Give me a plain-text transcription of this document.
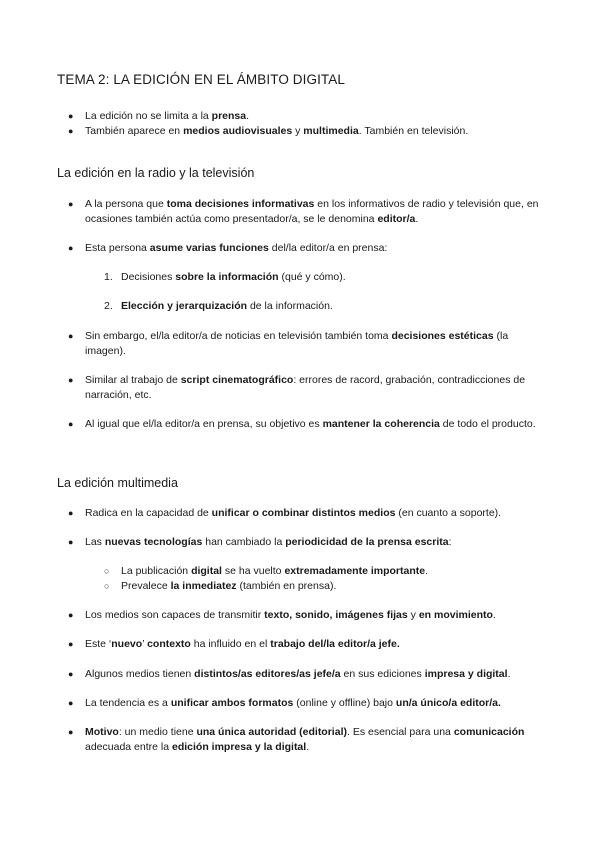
TEMA 2: LA EDICIÓN EN EL ÁMBITO DIGITAL
● La edición no se limita a la prensa.
● También aparece en medios audiovisuales y multimedia. También en televisión.
La edición en la radio y la televisión
● A la persona que toma decisiones informativas en los informativos de radio y televisión que, en ocasiones también actúa como presentador/a, se le denomina editor/a.
● Esta persona asume varias funciones del/la editor/a en prensa:
1. Decisiones sobre la información (qué y cómo).
2. Elección y jerarquización de la información.
● Sin embargo, el/la editor/a de noticias en televisión también toma decisiones estéticas (la imagen).
● Similar al trabajo de script cinematográfico: errores de racord, grabación, contradicciones de narración, etc.
● Al igual que el/la editor/a en prensa, su objetivo es mantener la coherencia de todo el producto.
La edición multimedia
● Radica en la capacidad de unificar o combinar distintos medios (en cuanto a soporte).
● Las nuevas tecnologías han cambiado la periodicidad de la prensa escrita:
○ La publicación digital se ha vuelto extremadamente importante.
○ Prevalece la inmediatez (también en prensa).
● Los medios son capaces de transmitir texto, sonido, imágenes fijas y en movimiento.
● Este ‘nuevo’ contexto ha influido en el trabajo del/la editor/a jefe.
● Algunos medios tienen distintos/as editores/as jefe/a en sus ediciones impresa y digital.
● La tendencia es a unificar ambos formatos (online y offline) bajo un/a único/a editor/a.
● Motivo: un medio tiene una única autoridad (editorial). Es esencial para una comunicación adecuada entre la edición impresa y la digital.
